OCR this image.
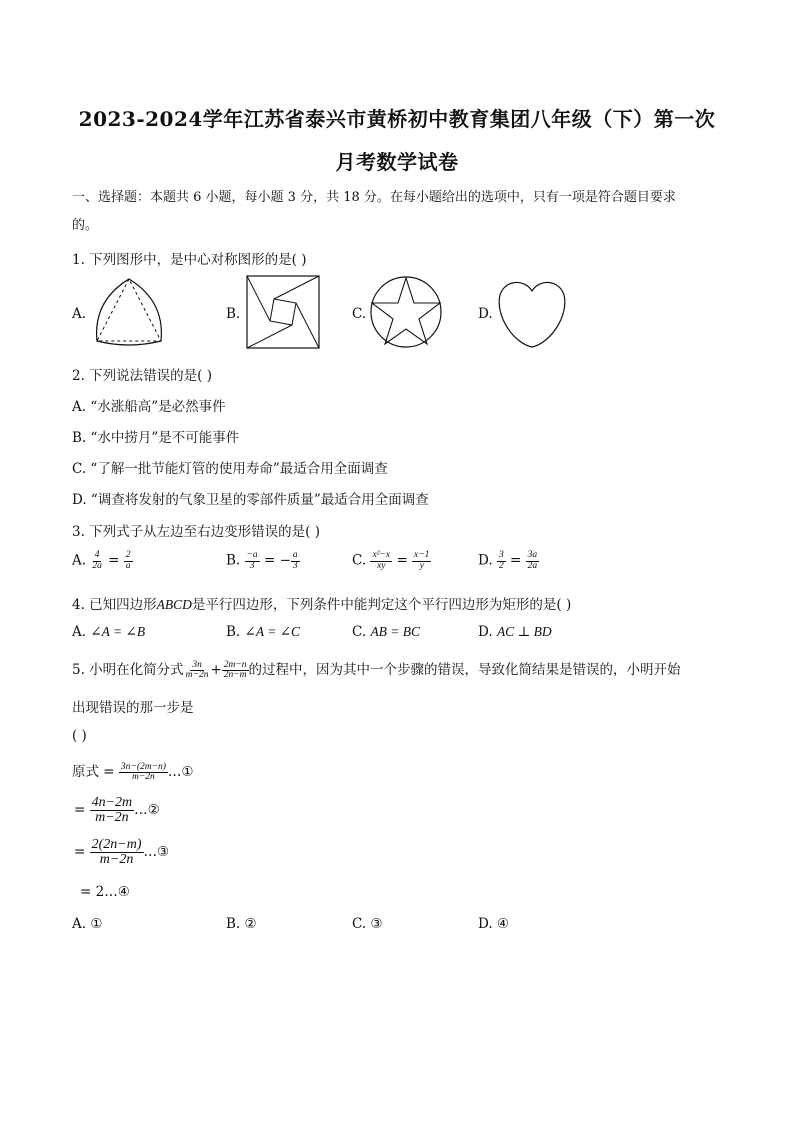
2023-2024学年江苏省泰兴市黄桥初中教育集团八年级（下）第一次
月考数学试卷
一、选择题：本题共 6 小题，每小题 3 分，共 18 分。在每小题给出的选项中，只有一项是符合题目要求
的。
1. 下列图形中，是中心对称图形的是( )
A.	B.	C.	D.
2. 下列说法错误的是( )
A. “水涨船高”是必然事件
B. “水中捞月”是不可能事件
C. “了解一批节能灯管的使用寿命”最适合用全面调查
D. “调查将发射的气象卫星的零部件质量”最适合用全面调查
3. 下列式子从左边至右边变形错误的是( )
A. $\frac{4}{2a} = \frac{2}{a}$	B. $\frac{-a}{3}$ = − $\frac{a}{3}$	C. $\frac{\text{x²−x}}{xy} = \frac{x-1}{y}$	D. $\frac{3}{2} = \frac{3a}{2a}$
4. 已知四边形ABCD是平行四边形，下列条件中能判定这个平行四边形为矩形的是( )
A. ∠A = ∠B	B. ∠A = ∠C	C. AB = BC	D. AC ⊥ BD
5. 小明在化简分式 $\frac{3n}{m-2n} + \frac{2m-n}{2n-m}$ 的过程中，因为其中一个步骤的错误，导致化简结果是错误的，小明开始
出现错误的那一步是
( )
原式 = $\frac{3n-(2m-n)}{m-2n}$ …①
= $\frac{4n-2m}{m-2n}$ …②
= $\frac{2(2n-m)}{m-2n}$ …③
= 2…④
A. ①	B. ②	C. ③	D. ④
